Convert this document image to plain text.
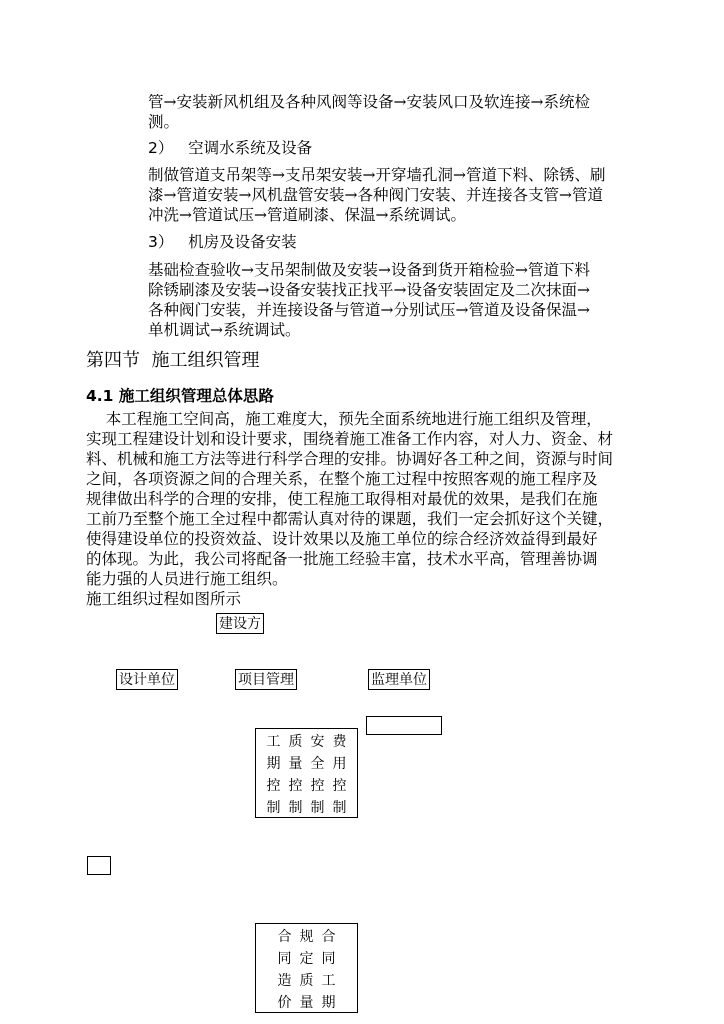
管→安装新风机组及各种风阀等设备→安装风口及软连接→系统检
测。
2）   空调水系统及设备
制做管道支吊架等→支吊架安装→开穿墙孔洞→管道下料、除锈、刷
漆→管道安装→风机盘管安装→各种阀门安装、并连接各支管→管道
冲洗→管道试压→管道刷漆、保温→系统调试。
3）   机房及设备安装
基础检查验收→支吊架制做及安装→设备到货开箱检验→管道下料
除锈刷漆及安装→设备安装找正找平→设备安装固定及二次抹面→
各种阀门安装，并连接设备与管道→分别试压→管道及设备保温→
单机调试→系统调试。
第四节  施工组织管理
4.1 施工组织管理总体思路
本工程施工空间高，施工难度大，预先全面系统地进行施工组织及管理，
实现工程建设计划和设计要求，围绕着施工准备工作内容，对人力、资金、材
料、机械和施工方法等进行科学合理的安排。协调好各工种之间，资源与时间
之间，各项资源之间的合理关系，在整个施工过程中按照客观的施工程序及
规律做出科学的合理的安排，使工程施工取得相对最优的效果，是我们在施
工前乃至整个施工全过程中都需认真对待的课题，我们一定会抓好这个关键，
使得建设单位的投资效益、设计效果以及施工单位的综合经济效益得到最好
的体现。为此，我公司将配备一批施工经验丰富，技术水平高，管理善协调
能力强的人员进行施工组织。
施工组织过程如图所示
建设方
设计单位	项目管理	监理单位
工 质 安 费
期 量 全 用
控 控 控 控
制 制 制 制
合 规 合
同 定 同
造 质 工
价 量 期
